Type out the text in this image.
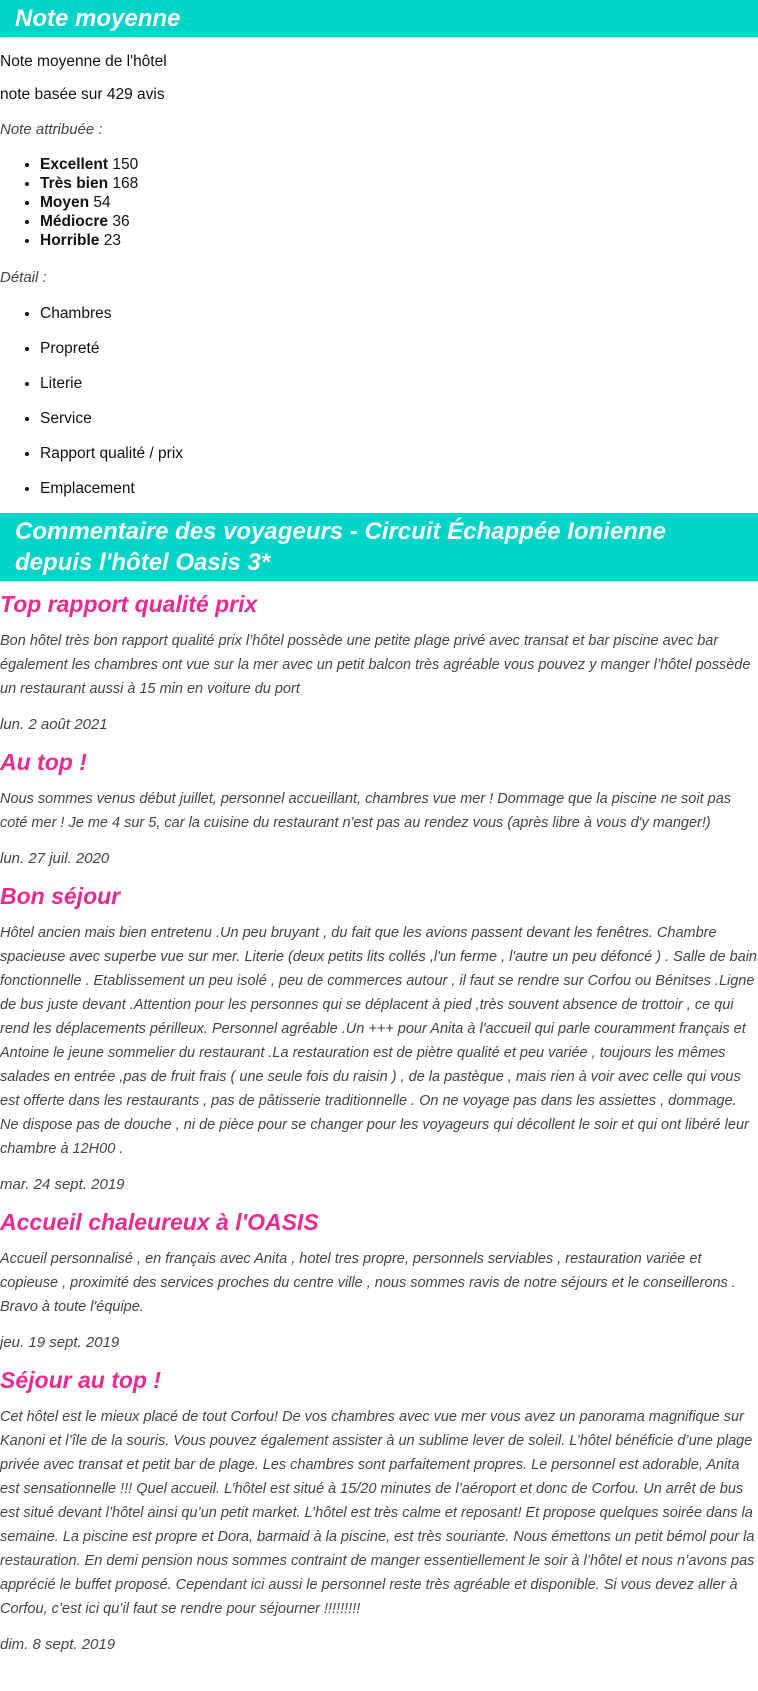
Note moyenne

Note moyenne de l'hôtel

note basée sur 429 avis

Note attribuée :

• Excellent 150
• Très bien 168
• Moyen 54
• Médiocre 36
• Horrible 23

Détail :

• Chambres
• Propreté
• Literie
• Service
• Rapport qualité / prix
• Emplacement
Commentaire des voyageurs - Circuit Échappée Ionienne depuis l'hôtel Oasis 3*
Top rapport qualité prix

Bon hôtel très bon rapport qualité prix l’hôtel possède une petite plage privé avec transat et bar piscine avec bar également les chambres ont vue sur la mer avec un petit balcon très agréable vous pouvez y manger l’hôtel possède un restaurant aussi à 15 min en voiture du port

lun. 2 août 2021

Au top !

Nous sommes venus début juillet, personnel accueillant, chambres vue mer ! Dommage que la piscine ne soit pas coté mer ! Je me 4 sur 5, car la cuisine du restaurant n'est pas au rendez vous (après libre à vous d'y manger!)

lun. 27 juil. 2020

Bon séjour

Hôtel ancien mais bien entretenu .Un peu bruyant , du fait que les avions passent devant les fenêtres. Chambre spacieuse avec superbe vue sur mer. Literie (deux petits lits collés ,l'un ferme , l'autre un peu défoncé ) . Salle de bain fonctionnelle . Etablissement un peu isolé , peu de commerces autour , il faut se rendre sur Corfou ou Bénitses .Ligne de bus juste devant .Attention pour les personnes qui se déplacent à pied ,très souvent absence de trottoir , ce qui rend les déplacements périlleux. Personnel agréable .Un +++ pour Anita à l'accueil qui parle couramment français et Antoine le jeune sommelier du restaurant .La restauration est de piètre qualité et peu variée , toujours les mêmes salades en entrée ,pas de fruit frais ( une seule fois du raisin ) , de la pastèque , mais rien à voir avec celle qui vous est offerte dans les restaurants , pas de pâtisserie traditionnelle . On ne voyage pas dans les assiettes , dommage. Ne dispose pas de douche , ni de pièce pour se changer pour les voyageurs qui décollent le soir et qui ont libéré leur chambre à 12H00 .

mar. 24 sept. 2019

Accueil chaleureux à l'OASIS

Accueil personnalisé , en français avec Anita , hotel tres propre, personnels serviables , restauration variée et copieuse , proximité des services proches du centre ville , nous sommes ravis de notre séjours et le conseillerons . Bravo à toute l'équipe.

jeu. 19 sept. 2019

Séjour au top !

Cet hôtel est le mieux placé de tout Corfou! De vos chambres avec vue mer vous avez un panorama magnifique sur Kanoni et l’île de la souris. Vous pouvez également assister à un sublime lever de soleil. L’hôtel bénéficie d’une plage privée avec transat et petit bar de plage. Les chambres sont parfaitement propres. Le personnel est adorable, Anita est sensationnelle !!! Quel accueil. L’hôtel est situé à 15/20 minutes de l’aéroport et donc de Corfou. Un arrêt de bus est situé devant l’hôtel ainsi qu’un petit market. L’hôtel est très calme et reposant! Et propose quelques soirée dans la semaine. La piscine est propre et Dora, barmaid à la piscine, est très souriante. Nous émettons un petit bémol pour la restauration. En demi pension nous sommes contraint de manger essentiellement le soir à l’hôtel et nous n’avons pas apprécié le buffet proposé. Cependant ici aussi le personnel reste très agréable et disponible. Si vous devez aller à Corfou, c’est ici qu’il faut se rendre pour séjourner !!!!!!!!!

dim. 8 sept. 2019
